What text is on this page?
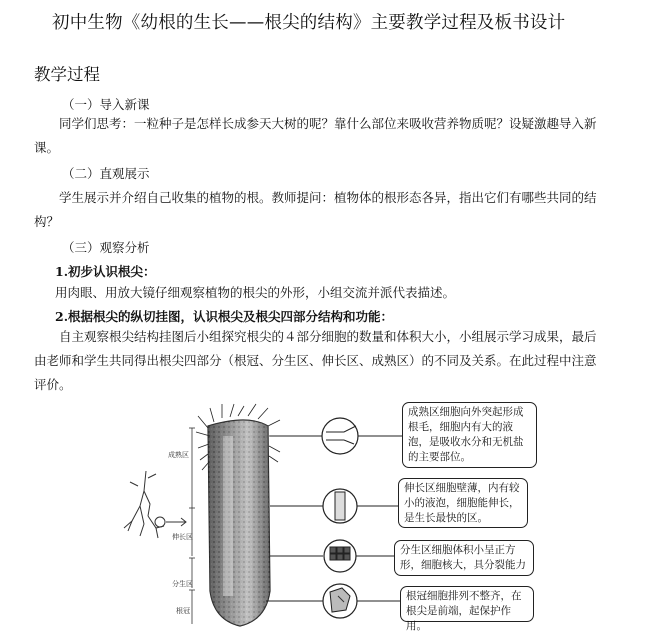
初中生物《幼根的生长——根尖的结构》主要教学过程及板书设计
教学过程
（一）导入新课
同学们思考：一粒种子是怎样长成参天大树的呢？靠什么部位来吸收营养物质呢？设疑激趣导入新课。
（二）直观展示
学生展示并介绍自己收集的植物的根。教师提问：植物体的根形态各异，指出它们有哪些共同的结构？
（三）观察分析
1.初步认识根尖：
用肉眼、用放大镜仔细观察植物的根尖的外形，小组交流并派代表描述。
2.根据根尖的纵切挂图，认识根尖及根尖四部分结构和功能：
自主观察根尖结构挂图后小组探究根尖的４部分细胞的数量和体积大小，小组展示学习成果，最后由老师和学生共同得出根尖四部分（根冠、分生区、伸长区、成熟区）的不同及关系。在此过程中注意评价。
成熟区
伸长区
分生区
根冠
成熟区细胞向外突起形成根毛，细胞内有大的液泡，是吸收水分和无机盐的主要部位。
伸长区细胞壁薄，内有较小的液泡，细胞能伸长，是生长最快的区。
分生区细胞体积小呈正方形，细胞核大，具分裂能力
根冠细胞排列不整齐，在根尖是前端，起保护作用。
